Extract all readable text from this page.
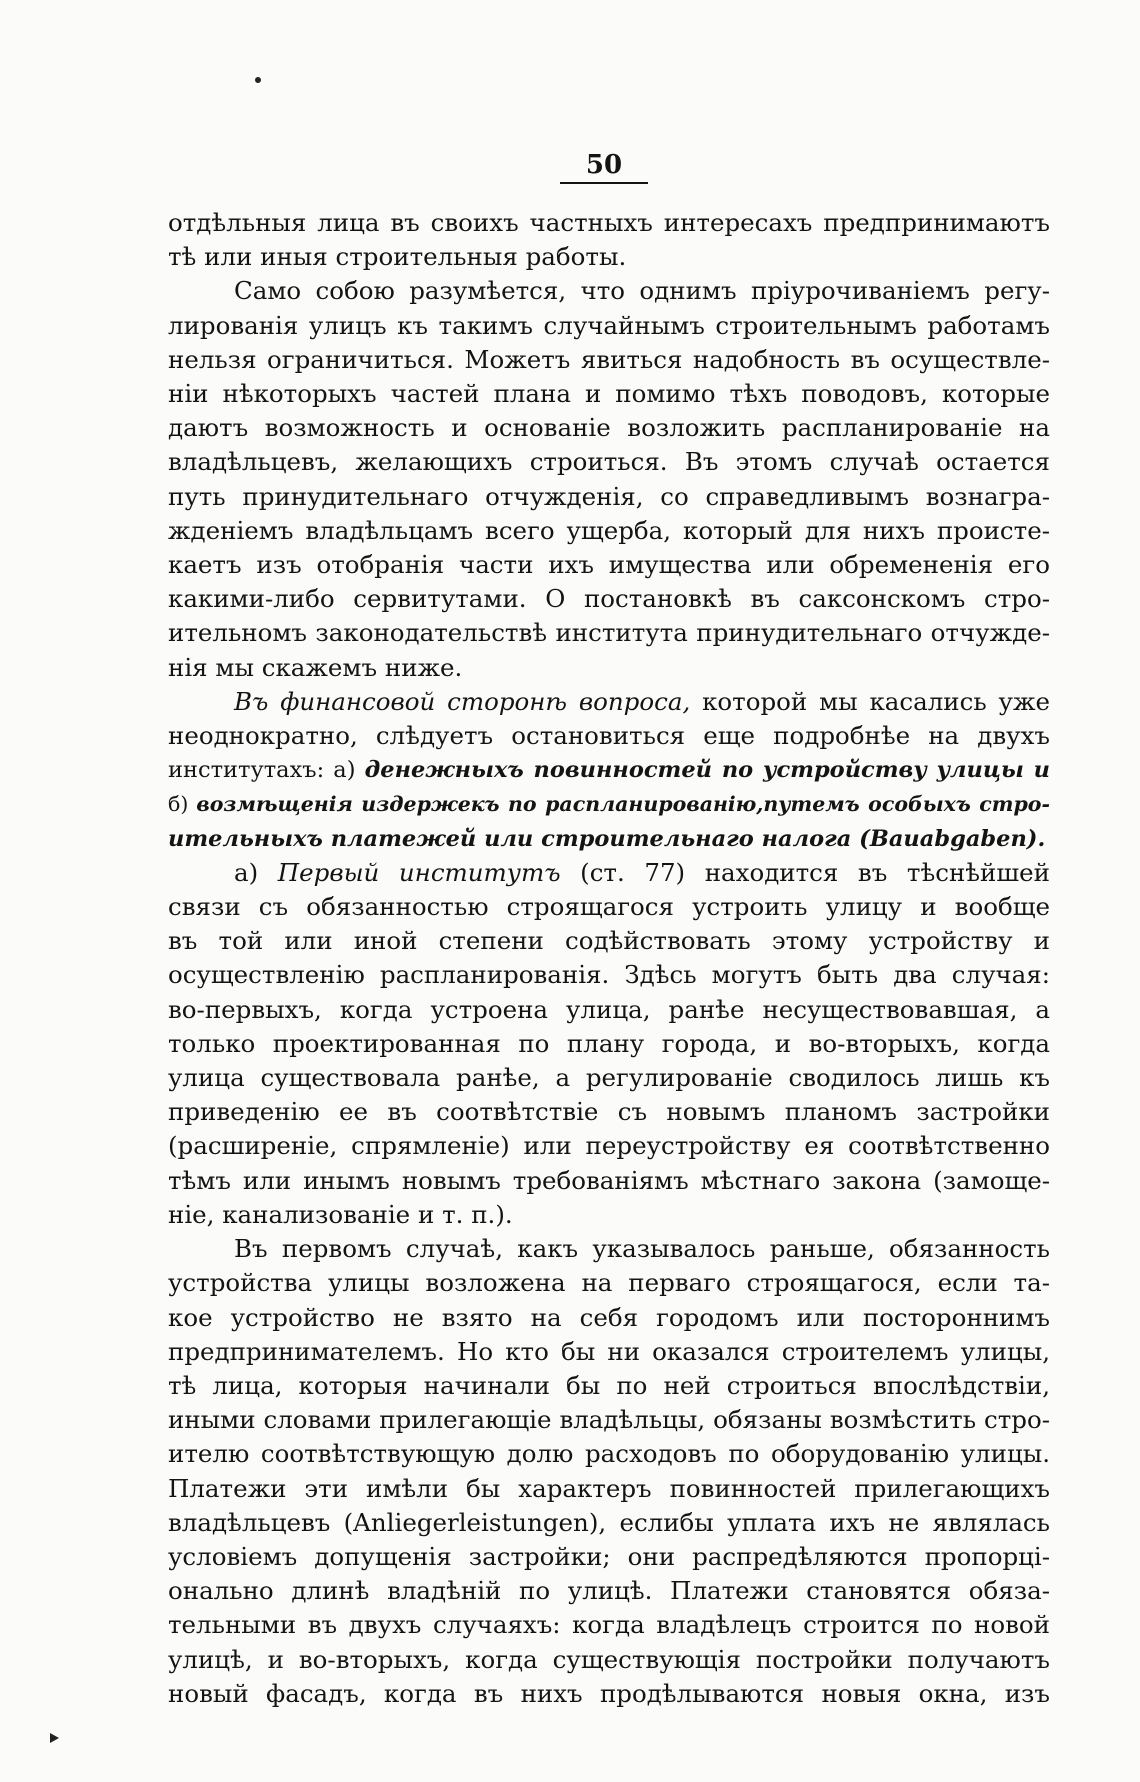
50

отдѣльныя лица въ своихъ частныхъ интересахъ предпринимаютъ
тѣ или иныя строительныя работы.
Само собою разумѣется, что однимъ пріурочиваніемъ регу-
лированія улицъ къ такимъ случайнымъ строительнымъ работамъ
нельзя ограничиться. Можетъ явиться надобность въ осуществле-
ніи нѣкоторыхъ частей плана и помимо тѣхъ поводовъ, которые
даютъ возможность и основаніе возложить распланированіе на
владѣльцевъ, желающихъ строиться. Въ этомъ случаѣ остается
путь принудительнаго отчужденія, со справедливымъ вознагра-
жденіемъ владѣльцамъ всего ущерба, который для нихъ проистe-
каетъ изъ отобранія части ихъ имущества или обремененія его
какими-либо сервитутами. О постановкѣ въ саксонскомъ стро-
ительномъ законодательствѣ института принудительнаго отчужде-
нія мы скажемъ ниже.

Въ финансовой сторонѣ вопроса, которой мы касались уже
неоднократно, слѣдуетъ остановиться еще подробнѣе на двухъ
институтахъ: а) денежныхъ повинностей по устройству улицы и
б) возмѣщенія издержекъ по распланированію,путемъ особыхъ стро-
ительныхъ платежей или строительнаго налога (Bauabgaben).

а) Первый институтъ (ст. 77) находится въ тѣснѣйшей
связи съ обязанностью строящагося устроить улицу и вообще
въ той или иной степени содѣйствовать этому устройству и
осуществленію распланированія. Здѣсь могутъ быть два случая:
во-первыхъ, когда устроена улица, ранѣе несуществовавшая, а
только проектированная по плану города, и во-вторыхъ, когда
улица существовала ранѣе, а регулированіе сводилось лишь къ
приведенію ее въ соотвѣтствіе съ новымъ планомъ застройки
(расширеніе, спрямленіе) или переустройству ея соотвѣтственно
тѣмъ или инымъ новымъ требованіямъ мѣстнаго закона (замоще-
ніе, канализованіе и т. п.).

Въ первомъ случаѣ, какъ указывалось раньше, обязанность
устройства улицы возложена на перваго строящагося, если та-
кое устройство не взято на себя городомъ или постороннимъ
предпринимателемъ. Но кто бы ни оказался строителемъ улицы,
тѣ лица, которыя начинали бы по ней строиться впослѣдствіи,
иными словами прилегающіе владѣльцы, обязаны возмѣстить стро-
ителю соотвѣтствующую долю расходовъ по оборудованію улицы.
Платежи эти имѣли бы характеръ повинностей прилегающихъ
владѣльцевъ (Anliegerleistungen), еслибы уплата ихъ не являлась
условіемъ допущенія застройки; они распредѣляются пропорці-
онально длинѣ владѣній по улицѣ. Платежи становятся обяза-
тельными въ двухъ случаяхъ: когда владѣлецъ строится по новой
улицѣ, и во-вторыхъ, когда существующія постройки получаютъ
новый фасадъ, когда въ нихъ продѣлываются новыя окна, изъ
